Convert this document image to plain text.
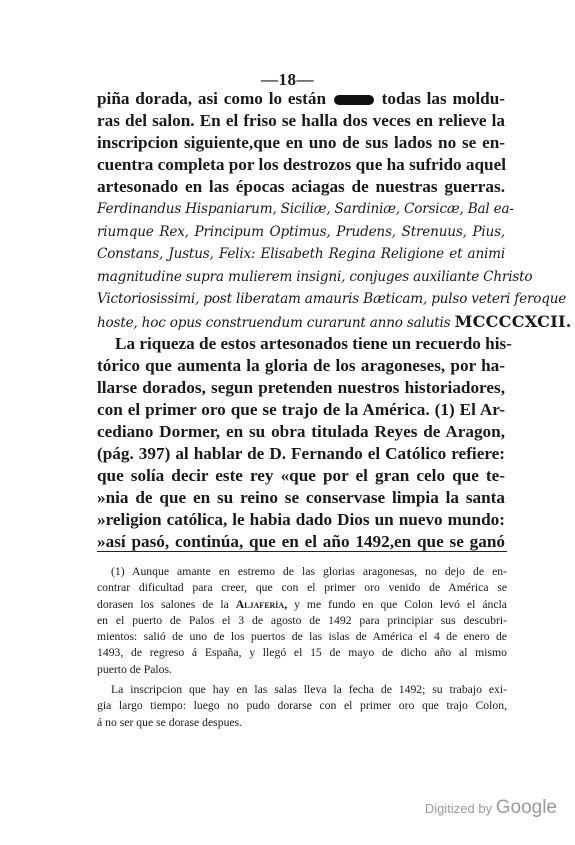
—18—
piña dorada, asi como lo están	todas las moldu-
ras del salon. En el friso se halla dos veces en relieve la
inscripcion siguiente,que en uno de sus lados no se en-
cuentra completa por los destrozos que ha sufrido aquel
artesonado en las épocas aciagas de nuestras guerras.
Ferdinandus Hispaniarum, Siciliæ, Sardiniæ, Corsicæ, Bal ea-
riumque Rex, Principum Optimus, Prudens, Strenuus, Pius,
Constans, Justus, Felix: Elisabeth Regina Religione et animi
magnitudine supra mulierem insigni, conjuges auxiliante Christo
Victoriosissimi, post liberatam amauris Bæticam, pulso veteri feroque
hoste, hoc opus construendum curarunt anno salutis MCCCCXCII.
La riqueza de estos artesonados tiene un recuerdo his-
tórico que aumenta la gloria de los aragoneses, por ha-
llarse dorados, segun pretenden nuestros historiadores,
con el primer oro que se trajo de la América. (1) El Ar-
cediano Dormer, en su obra titulada Reyes de Aragon,
(pág. 397) al hablar de D. Fernando el Católico refiere:
que solía decir este rey «que por el gran celo que te-
»nia de que en su reino se conservase limpia la santa
»religion católica, le habia dado Dios un nuevo mundo:
»así pasó, continúa, que en el año 1492,en que se ganó
(1) Aunque amante en estremo de las glorias aragonesas, no dejo de en-
contrar dificultad para creer, que con el primer oro venido de América se
dorasen los salones de la Aljafería, y me fundo en que Colon levó el áncla
en el puerto de Palos el 3 de agosto de 1492 para principiar sus descubri-
mientos: salió de uno de los puertos de las islas de América el 4 de enero de
1493, de regreso á España, y llegó el 15 de mayo de dicho año al mismo
puerto de Palos.
La inscripcion que hay en las salas lleva la fecha de 1492; su trabajo exi-
gia largo tiempo: luego no pudo dorarse con el primer oro que trajo Colon,
á no ser que se dorase despues.
Digitized by Google
